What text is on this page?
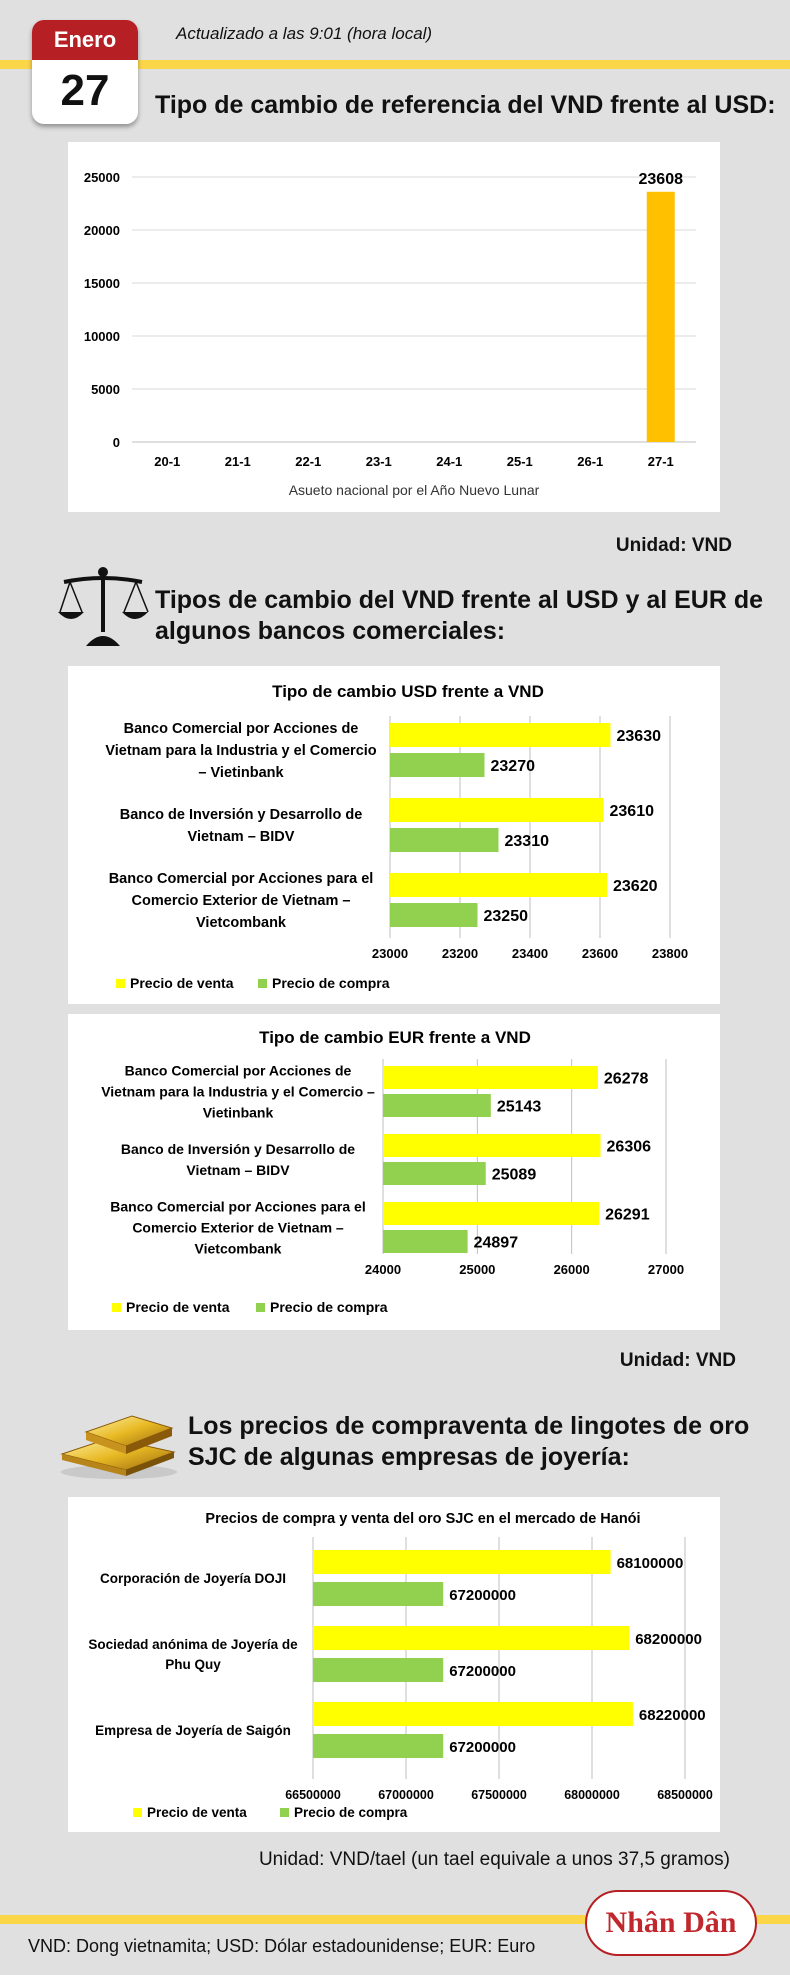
Enero
27
Actualizado a las 9:01 (hora local)
Tipo de cambio de referencia del VND frente al USD:
0
5000
10000
15000
20000
25000
20-1	21-1	22-1	23-1	24-1	25-1	26-1	27-1
23608
Asueto nacional por el Año Nuevo Lunar
Unidad: VND
Tipos de cambio del VND frente al USD y al EUR de
algunos bancos comerciales:
Tipo de cambio USD frente a VND
23000	23200	23400	23600	23800
23630
23270
Banco Comercial por Acciones de
Vietnam para la Industria y el Comercio
– Vietinbank
23610
23310
Banco de Inversión y Desarrollo de
Vietnam – BIDV
23620
23250
Banco Comercial por Acciones para el
Comercio Exterior de Vietnam –
Vietcombank
Precio de venta	Precio de compra
Tipo de cambio EUR frente a VND
24000	25000	26000	27000
26278
25143
Banco Comercial por Acciones de
Vietnam para la Industria y el Comercio –
Vietinbank
26306
25089
Banco de Inversión y Desarrollo de
Vietnam – BIDV
26291
24897
Banco Comercial por Acciones para el
Comercio Exterior de Vietnam –
Vietcombank
Precio de venta	Precio de compra
Unidad: VND
Los precios de compraventa de lingotes de oro
SJC de algunas empresas de joyería:
Precios de compra y venta del oro SJC en el mercado de Hanói
66500000	67000000	67500000	68000000	68500000
68100000
67200000
Corporación de Joyería DOJI
68200000
67200000
Sociedad anónima de Joyería de
Phu Quy
68220000
67200000
Empresa de Joyería de Saigón
Precio de venta	Precio de compra
Unidad: VND/tael (un tael equivale a unos 37,5 gramos)
VND: Dong vietnamita; USD: Dólar estadounidense; EUR: Euro
Nhân Dân
